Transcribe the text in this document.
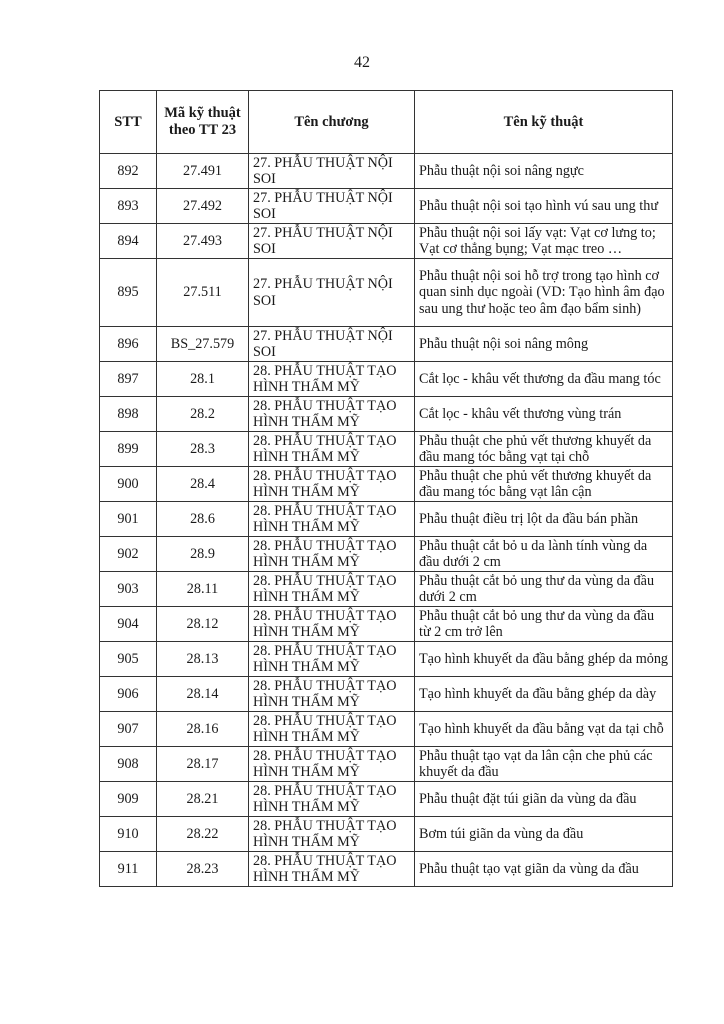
42
STT	Mã kỹ thuật theo TT 23	Tên chương	Tên kỹ thuật
892	27.491	27. PHẪU THUẬT NỘI SOI	Phẫu thuật nội soi nâng ngực
893	27.492	27. PHẪU THUẬT NỘI SOI	Phẫu thuật nội soi tạo hình vú sau ung thư
894	27.493	27. PHẪU THUẬT NỘI SOI	Phẫu thuật nội soi lấy vạt: Vạt cơ lưng to; Vạt cơ thẳng bụng; Vạt mạc treo …
895	27.511	27. PHẪU THUẬT NỘI SOI	Phẫu thuật nội soi hỗ trợ trong tạo hình cơ quan sinh dục ngoài (VD: Tạo hình âm đạo sau ung thư hoặc teo âm đạo bẩm sinh)
896	BS_27.579	27. PHẪU THUẬT NỘI SOI	Phẫu thuật nội soi nâng mông
897	28.1	28. PHẪU THUẬT TẠO HÌNH THẨM MỸ	Cắt lọc - khâu vết thương da đầu mang tóc
898	28.2	28. PHẪU THUẬT TẠO HÌNH THẨM MỸ	Cắt lọc - khâu vết thương vùng trán
899	28.3	28. PHẪU THUẬT TẠO HÌNH THẨM MỸ	Phẫu thuật che phủ vết thương khuyết da đầu mang tóc bằng vạt tại chỗ
900	28.4	28. PHẪU THUẬT TẠO HÌNH THẨM MỸ	Phẫu thuật che phủ vết thương khuyết da đầu mang tóc bằng vạt lân cận
901	28.6	28. PHẪU THUẬT TẠO HÌNH THẨM MỸ	Phẫu thuật điều trị lột da đầu bán phần
902	28.9	28. PHẪU THUẬT TẠO HÌNH THẨM MỸ	Phẫu thuật cắt bỏ u da lành tính vùng da đầu dưới 2 cm
903	28.11	28. PHẪU THUẬT TẠO HÌNH THẨM MỸ	Phẫu thuật cắt bỏ ung thư da vùng da đầu dưới 2 cm
904	28.12	28. PHẪU THUẬT TẠO HÌNH THẨM MỸ	Phẫu thuật cắt bỏ ung thư da vùng da đầu từ 2 cm trở lên
905	28.13	28. PHẪU THUẬT TẠO HÌNH THẨM MỸ	Tạo hình khuyết da đầu bằng ghép da mỏng
906	28.14	28. PHẪU THUẬT TẠO HÌNH THẨM MỸ	Tạo hình khuyết da đầu bằng ghép da dày
907	28.16	28. PHẪU THUẬT TẠO HÌNH THẨM MỸ	Tạo hình khuyết da đầu bằng vạt da tại chỗ
908	28.17	28. PHẪU THUẬT TẠO HÌNH THẨM MỸ	Phẫu thuật tạo vạt da lân cận che phủ các khuyết da đầu
909	28.21	28. PHẪU THUẬT TẠO HÌNH THẨM MỸ	Phẫu thuật đặt túi giãn da vùng da đầu
910	28.22	28. PHẪU THUẬT TẠO HÌNH THẨM MỸ	Bơm túi giãn da vùng da đầu
911	28.23	28. PHẪU THUẬT TẠO HÌNH THẨM MỸ	Phẫu thuật tạo vạt giãn da vùng da đầu
